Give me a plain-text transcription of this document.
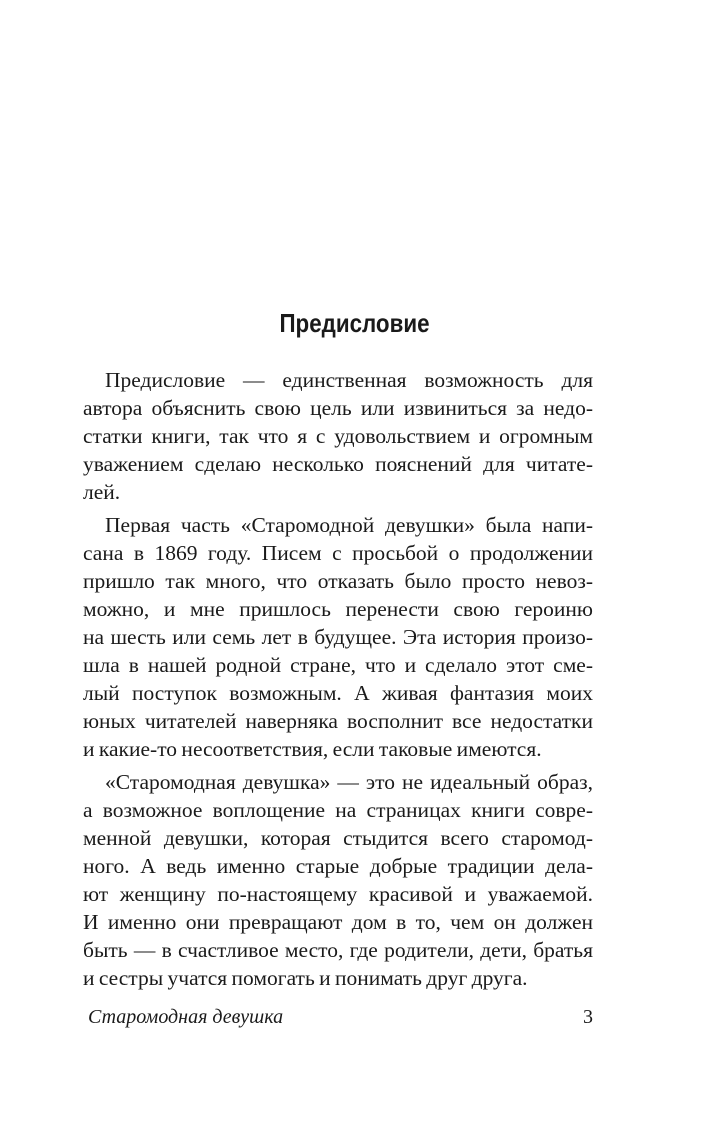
Предисловие
Предисловие — единственная возможность для
автора объяснить свою цель или извиниться за недо-
статки книги, так что я с удовольствием и огромным
уважением сделаю несколько пояснений для читате-
лей.
Первая часть «Старомодной девушки» была напи-
сана в 1869 году. Писем с просьбой о продолжении
пришло так много, что отказать было просто невоз-
можно, и мне пришлось перенести свою героиню
на шесть или семь лет в будущее. Эта история произо-
шла в нашей родной стране, что и сделало этот сме-
лый поступок возможным. А живая фантазия моих
юных читателей наверняка восполнит все недостатки
и какие-то несоответствия, если таковые имеются.
«Старомодная девушка» — это не идеальный образ,
а возможное воплощение на страницах книги совре-
менной девушки, которая стыдится всего старомод-
ного. А ведь именно старые добрые традиции дела-
ют женщину по-настоящему красивой и уважаемой.
И именно они превращают дом в то, чем он должен
быть — в счастливое место, где родители, дети, братья
и сестры учатся помогать и понимать друг друга.
Старомодная девушка	3
